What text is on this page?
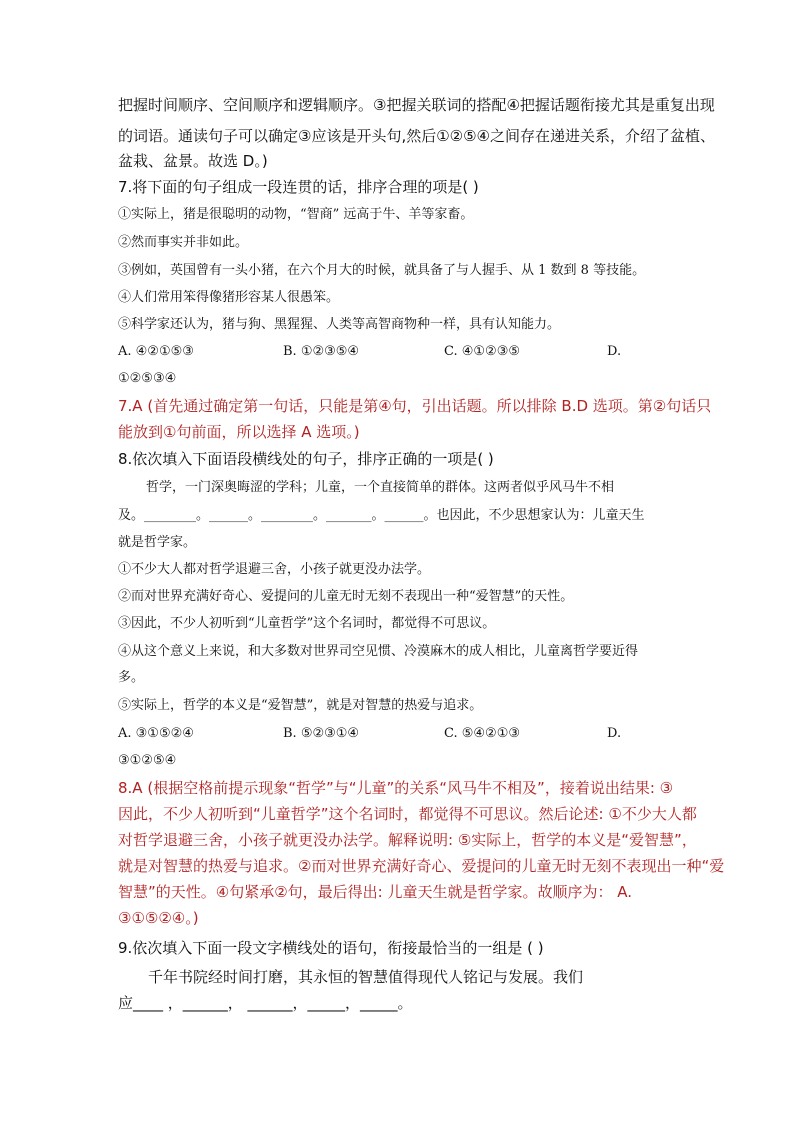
把握时间顺序、空间顺序和逻辑顺序。③把握关联词的搭配④把握话题衔接尤其是重复出现
的词语。通读句子可以确定③应该是开头句,然后①②⑤④之间存在递进关系，介绍了盆植、
盆栽、盆景。故选 D。)
7.将下面的句子组成一段连贯的话，排序合理的项是( )
①实际上，猪是很聪明的动物，“智商” 远高于牛、羊等家畜。
②然而事实并非如此。
③例如，英国曾有一头小猪，在六个月大的时候，就具备了与人握手、从 1 数到 8 等技能。
④人们常用笨得像猪形容某人很愚笨。
⑤科学家还认为，猪与狗、黑猩猩、人类等高智商物种一样，具有认知能力。
A. ④②①⑤③	B. ①②③⑤④	C. ④①②③⑤	D.
①②⑤③④
7.A (首先通过确定第一句话，只能是第④句，引出话题。所以排除 B.D 选项。第②句话只
能放到①句前面，所以选择 A 选项。)
8.依次填入下面语段横线处的句子，排序正确的一项是( )
哲学，一门深奥晦涩的学科；儿童，一个直接简单的群体。这两者似乎风马牛不相
及。________。______。________。_______。______。也因此，不少思想家认为：儿童天生
就是哲学家。
①不少大人都对哲学退避三舍，小孩子就更没办法学。
②而对世界充满好奇心、爱提问的儿童无时无刻不表现出一种“爱智慧”的天性。
③因此，不少人初听到“儿童哲学”这个名词时，都觉得不可思议。
④从这个意义上来说，和大多数对世界司空见惯、冷漠麻木的成人相比，儿童离哲学要近得
多。
⑤实际上，哲学的本义是“爱智慧”，就是对智慧的热爱与追求。
A. ③①⑤②④	B. ⑤②③①④	C. ⑤④②①③	D.
③①②⑤④
8.A (根据空格前提示现象“哲学”与“儿童”的关系“风马牛不相及”，接着说出结果: ③
因此，不少人初听到“儿童哲学”这个名词时，都觉得不可思议。然后论述: ①不少大人都
对哲学退避三舍，小孩子就更没办法学。解释说明: ⑤实际上，哲学的本义是“爱智慧”，
就是对智慧的热爱与追求。②而对世界充满好奇心、爱提问的儿童无时无刻不表现出一种“爱
智慧”的天性。④句紧承②句，最后得出: 儿童天生就是哲学家。故顺序为： A.
③①⑤②④。)
9.依次填入下面一段文字横线处的语句，衔接最恰当的一组是 ( )
千年书院经时间打磨，其永恒的智慧值得现代人铭记与发展。我们
应____ ，______， ______，_____，_____。
